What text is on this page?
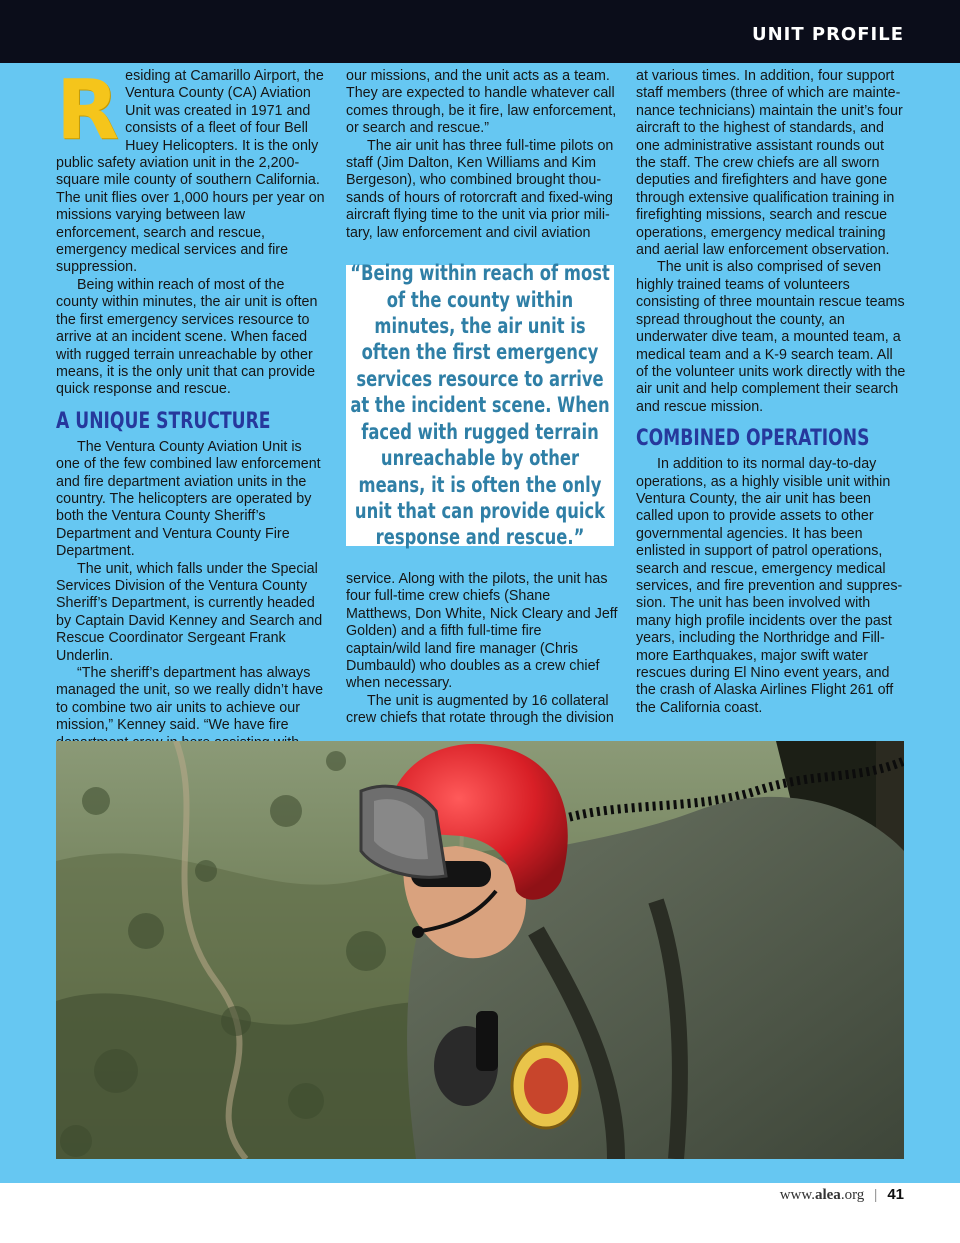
UNIT PROFILE

Residing at Camarillo Airport, the Ventura County (CA) Aviation Unit was created in 1971 and consists of a fleet of four Bell Huey Helicopters. It is the only public safety aviation unit in the 2,200-square mile county of southern California. The unit flies over 1,000 hours per year on missions varying between law enforcement, search and rescue, emergency medical services and fire suppression.

Being within reach of most of the county within minutes, the air unit is often the first emergency services resource to arrive at an incident scene. When faced with rugged terrain unreachable by other means, it is the only unit that can provide quick response and rescue.

A UNIQUE STRUCTURE

The Ventura County Aviation Unit is one of the few combined law enforcement and fire department aviation units in the country. The helicopters are operated by both the Ventura County Sheriff’s Department and Ventura County Fire Department.

The unit, which falls under the Special Services Division of the Ventura County Sheriff’s Department, is currently headed by Captain David Kenney and Search and Rescue Coordinator Sergeant Frank Underlin.

“The sheriff’s department has always managed the unit, so we really didn’t have to combine two air units to achieve our mission,” Kenney said. “We have fire

our missions, and the unit acts as a team. They are expected to handle whatever call comes through, be it fire, law enforcement, or search and rescue.”

The air unit has three full-time pilots on staff (Jim Dalton, Ken Williams and Kim Bergeson), who combined brought thousands of hours of rotorcraft and fixed-wing aircraft flying time to the unit via prior military, law enforcement and civil aviation

“Being within reach of most of the county within minutes, the air unit is often the first emergency services resource to arrive at the incident scene. When faced with rugged terrain unreachable by other means, it is often the only unit that can provide quick response and rescue.”

service. Along with the pilots, the unit has four full-time crew chiefs (Shane Matthews, Don White, Nick Cleary and Jeff Golden) and a fifth full-time fire captain/wild land fire manager (Chris Dumbauld) who doubles as a crew chief when necessary.

The unit is augmented by 16 collateral crew chiefs that rotate through the division

at various times. In addition, four support staff members (three of which are maintenance technicians) maintain the unit’s four aircraft to the highest of standards, and one administrative assistant rounds out the staff. The crew chiefs are all sworn deputies and firefighters and have gone through extensive qualification training in firefighting missions, search and rescue operations, emergency medical training and aerial law enforcement observation.

The unit is also comprised of seven highly trained teams of volunteers consisting of three mountain rescue teams spread throughout the county, an underwater dive team, a mounted team, a medical team and a K-9 search team. All of the volunteer units work directly with the air unit and help complement their search and rescue mission.

COMBINED OPERATIONS

In addition to its normal day-to-day operations, as a highly visible unit within Ventura County, the air unit has been called upon to provide assets to other governmental agencies. It has been enlisted in support of patrol operations, search and rescue, emergency medical services, and fire prevention and suppression. The unit has been involved with many high profile incidents over the past years, including the Northridge and Fillmore Earthquakes, major swift water rescues during El Nino event years, and the crash of Alaska Airlines Flight 261 off the California coast.

www.alea.org | 41
